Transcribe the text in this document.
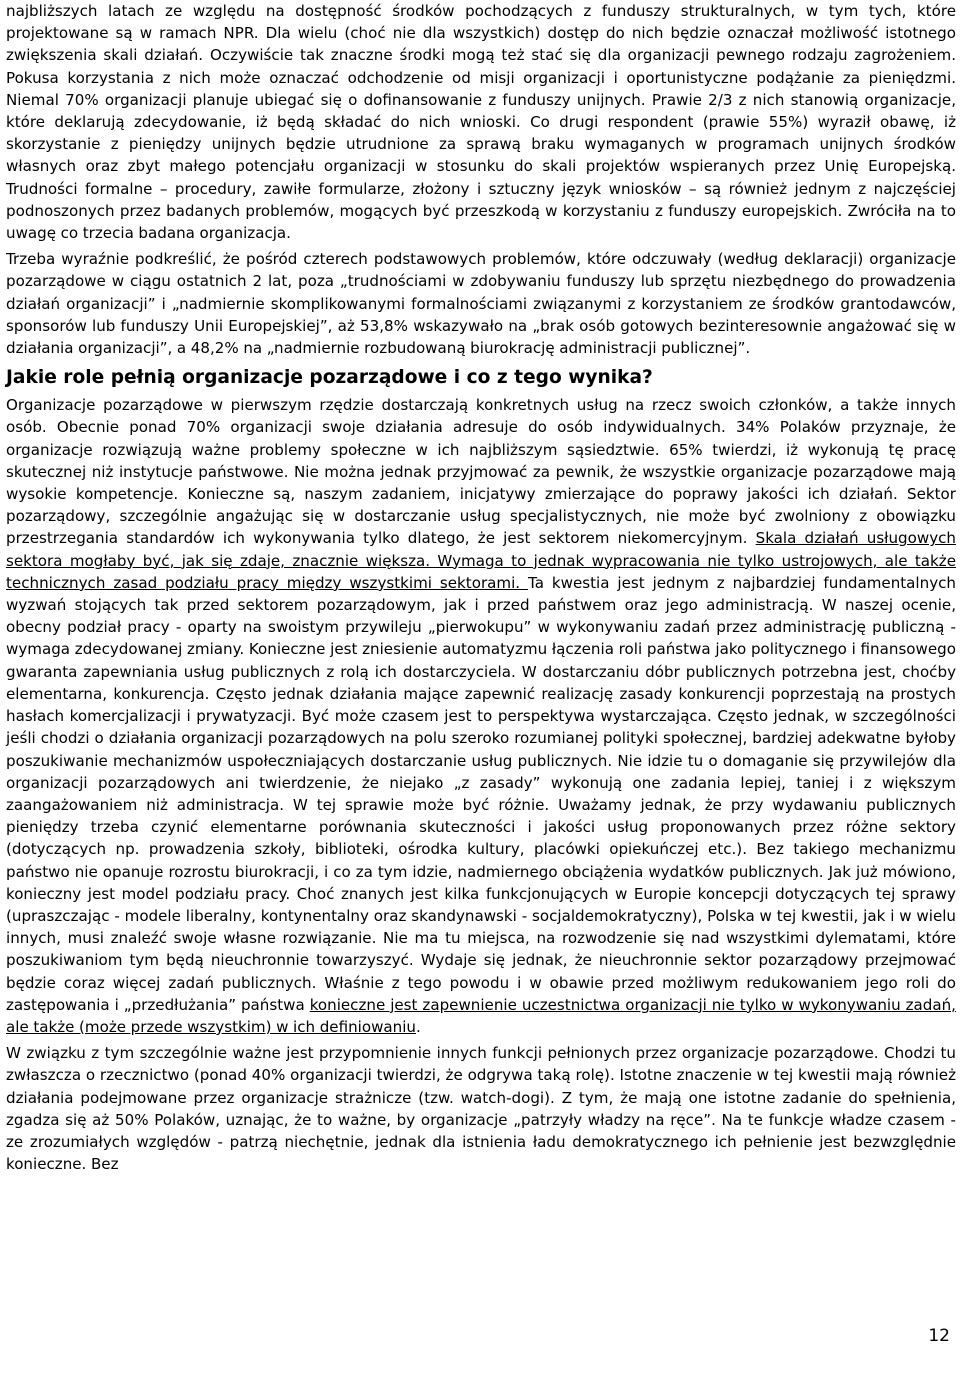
najbliższych latach ze względu na dostępność środków pochodzących z funduszy strukturalnych, w tym tych, które projektowane są w ramach NPR. Dla wielu (choć nie dla wszystkich) dostęp do nich będzie oznaczał możliwość istotnego zwiększenia skali działań. Oczywiście tak znaczne środki mogą też stać się dla organizacji pewnego rodzaju zagrożeniem. Pokusa korzystania z nich może oznaczać odchodzenie od misji organizacji i oportunistyczne podążanie za pieniędzmi. Niemal 70% organizacji planuje ubiegać się o dofinansowanie z funduszy unijnych. Prawie 2/3 z nich stanowią organizacje, które deklarują zdecydowanie, iż będą składać do nich wnioski. Co drugi respondent (prawie 55%) wyraził obawę, iż skorzystanie z pieniędzy unijnych będzie utrudnione za sprawą braku wymaganych w programach unijnych środków własnych oraz zbyt małego potencjału organizacji w stosunku do skali projektów wspieranych przez Unię Europejską. Trudności formalne – procedury, zawiłe formularze, złożony i sztuczny język wniosków – są również jednym z najczęściej podnoszonych przez badanych problemów, mogących być przeszkodą w korzystaniu z funduszy europejskich. Zwróciła na to uwagę co trzecia badana organizacja.

Trzeba wyraźnie podkreślić, że pośród czterech podstawowych problemów, które odczuwały (według deklaracji) organizacje pozarządowe w ciągu ostatnich 2 lat, poza „trudnościami w zdobywaniu funduszy lub sprzętu niezbędnego do prowadzenia działań organizacji” i „nadmiernie skomplikowanymi formalnościami związanymi z korzystaniem ze środków grantodawców, sponsorów lub funduszy Unii Europejskiej”, aż 53,8% wskazywało na „brak osób gotowych bezinteresownie angażować się w działania organizacji”, a 48,2% na „nadmiernie rozbudowaną biurokrację administracji publicznej”.

Jakie role pełnią organizacje pozarządowe i co z tego wynika?

Organizacje pozarządowe w pierwszym rzędzie dostarczają konkretnych usług na rzecz swoich członków, a także innych osób. Obecnie ponad 70% organizacji swoje działania adresuje do osób indywidualnych. 34% Polaków przyznaje, że organizacje rozwiązują ważne problemy społeczne w ich najbliższym sąsiedztwie. 65% twierdzi, iż wykonują tę pracę skutecznej niż instytucje państwowe. Nie można jednak przyjmować za pewnik, że wszystkie organizacje pozarządowe mają wysokie kompetencje. Konieczne są, naszym zadaniem, inicjatywy zmierzające do poprawy jakości ich działań. Sektor pozarządowy, szczególnie angażując się w dostarczanie usług specjalistycznych, nie może być zwolniony z obowiązku przestrzegania standardów ich wykonywania tylko dlatego, że jest sektorem niekomercyjnym. Skala działań usługowych sektora mogłaby być, jak się zdaje, znacznie większa. Wymaga to jednak wypracowania nie tylko ustrojowych, ale także technicznych zasad podziału pracy między wszystkimi sektorami. Ta kwestia jest jednym z najbardziej fundamentalnych wyzwań stojących tak przed sektorem pozarządowym, jak i przed państwem oraz jego administracją. W naszej ocenie, obecny podział pracy - oparty na swoistym przywileju „pierwokupu” w wykonywaniu zadań przez administrację publiczną - wymaga zdecydowanej zmiany. Konieczne jest zniesienie automatyzmu łączenia roli państwa jako politycznego i finansowego gwaranta zapewniania usług publicznych z rolą ich dostarczyciela. W dostarczaniu dóbr publicznych potrzebna jest, choćby elementarna, konkurencja. Często jednak działania mające zapewnić realizację zasady konkurencji poprzestają na prostych hasłach komercjalizacji i prywatyzacji. Być może czasem jest to perspektywa wystarczająca. Często jednak, w szczególności jeśli chodzi o działania organizacji pozarządowych na polu szeroko rozumianej polityki społecznej, bardziej adekwatne byłoby poszukiwanie mechanizmów uspołeczniających dostarczanie usług publicznych. Nie idzie tu o domaganie się przywilejów dla organizacji pozarządowych ani twierdzenie, że niejako „z zasady” wykonują one zadania lepiej, taniej i z większym zaangażowaniem niż administracja. W tej sprawie może być różnie. Uważamy jednak, że przy wydawaniu publicznych pieniędzy trzeba czynić elementarne porównania skuteczności i jakości usług proponowanych przez różne sektory (dotyczących np. prowadzenia szkoły, biblioteki, ośrodka kultury, placówki opiekuńczej etc.). Bez takiego mechanizmu państwo nie opanuje rozrostu biurokracji, i co za tym idzie, nadmiernego obciążenia wydatków publicznych. Jak już mówiono, konieczny jest model podziału pracy. Choć znanych jest kilka funkcjonujących w Europie koncepcji dotyczących tej sprawy (upraszczając - modele liberalny, kontynentalny oraz skandynawski - socjaldemokratyczny), Polska w tej kwestii, jak i w wielu innych, musi znaleźć swoje własne rozwiązanie. Nie ma tu miejsca, na rozwodzenie się nad wszystkimi dylematami, które poszukiwaniom tym będą nieuchronnie towarzyszyć. Wydaje się jednak, że nieuchronnie sektor pozarządowy przejmować będzie coraz więcej zadań publicznych. Właśnie z tego powodu i w obawie przed możliwym redukowaniem jego roli do zastępowania i „przedłużania” państwa konieczne jest zapewnienie uczestnictwa organizacji nie tylko w wykonywaniu zadań, ale także (może przede wszystkim) w ich definiowaniu.

W związku z tym szczególnie ważne jest przypomnienie innych funkcji pełnionych przez organizacje pozarządowe. Chodzi tu zwłaszcza o rzecznictwo (ponad 40% organizacji twierdzi, że odgrywa taką rolę). Istotne znaczenie w tej kwestii mają również działania podejmowane przez organizacje strażnicze (tzw. watch-dogi). Z tym, że mają one istotne zadanie do spełnienia, zgadza się aż 50% Polaków, uznając, że to ważne, by organizacje „patrzyły władzy na ręce”. Na te funkcje władze czasem - ze zrozumiałych względów - patrzą niechętnie, jednak dla istnienia ładu demokratycznego ich pełnienie jest bezwzględnie konieczne. Bez

12
